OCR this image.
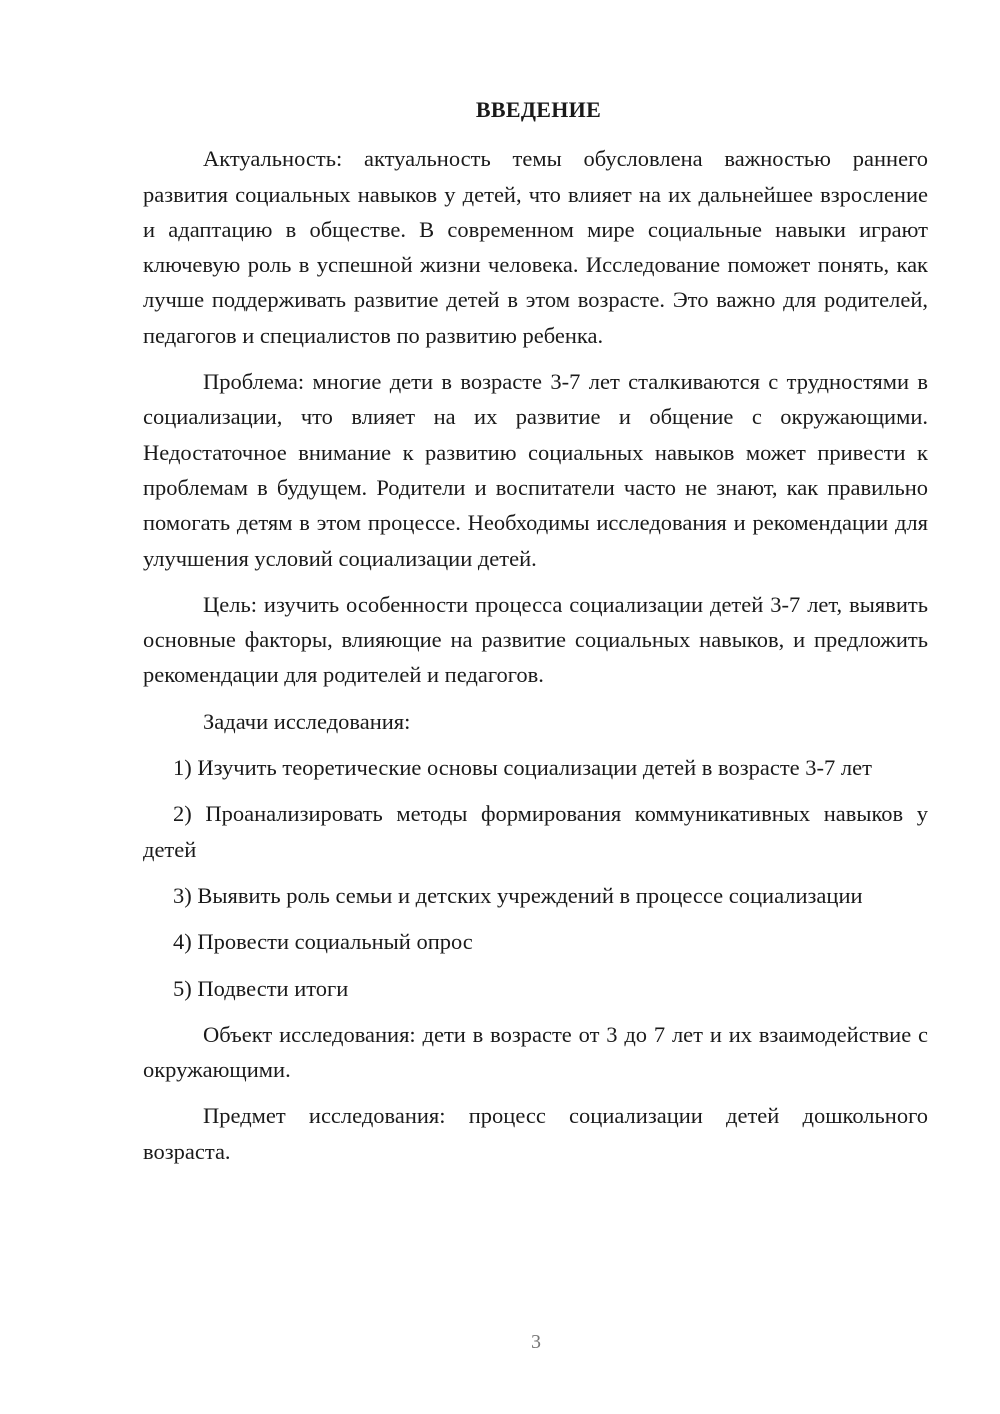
ВВЕДЕНИЕ

Актуальность: актуальность темы обусловлена важностью раннего развития социальных навыков у детей, что влияет на их дальнейшее взросление и адаптацию в обществе. В современном мире социальные навыки играют ключевую роль в успешной жизни человека. Исследование поможет понять, как лучше поддерживать развитие детей в этом возрасте. Это важно для родителей, педагогов и специалистов по развитию ребенка.

Проблема: многие дети в возрасте 3-7 лет сталкиваются с трудностями в социализации, что влияет на их развитие и общение с окружающими. Недостаточное внимание к развитию социальных навыков может привести к проблемам в будущем. Родители и воспитатели часто не знают, как правильно помогать детям в этом процессе. Необходимы исследования и рекомендации для улучшения условий социализации детей.

Цель: изучить особенности процесса социализации детей 3-7 лет, выявить основные факторы, влияющие на развитие социальных навыков, и предложить рекомендации для родителей и педагогов.

Задачи исследования:

1) Изучить теоретические основы социализации детей в возрасте 3-7 лет

2) Проанализировать методы формирования коммуникативных навыков у детей

3) Выявить роль семьи и детских учреждений в процессе социализации

4) Провести социальный опрос

5) Подвести итоги

Объект исследования: дети в возрасте от 3 до 7 лет и их взаимодействие с окружающими.

Предмет исследования: процесс социализации детей дошкольного возраста.

3
